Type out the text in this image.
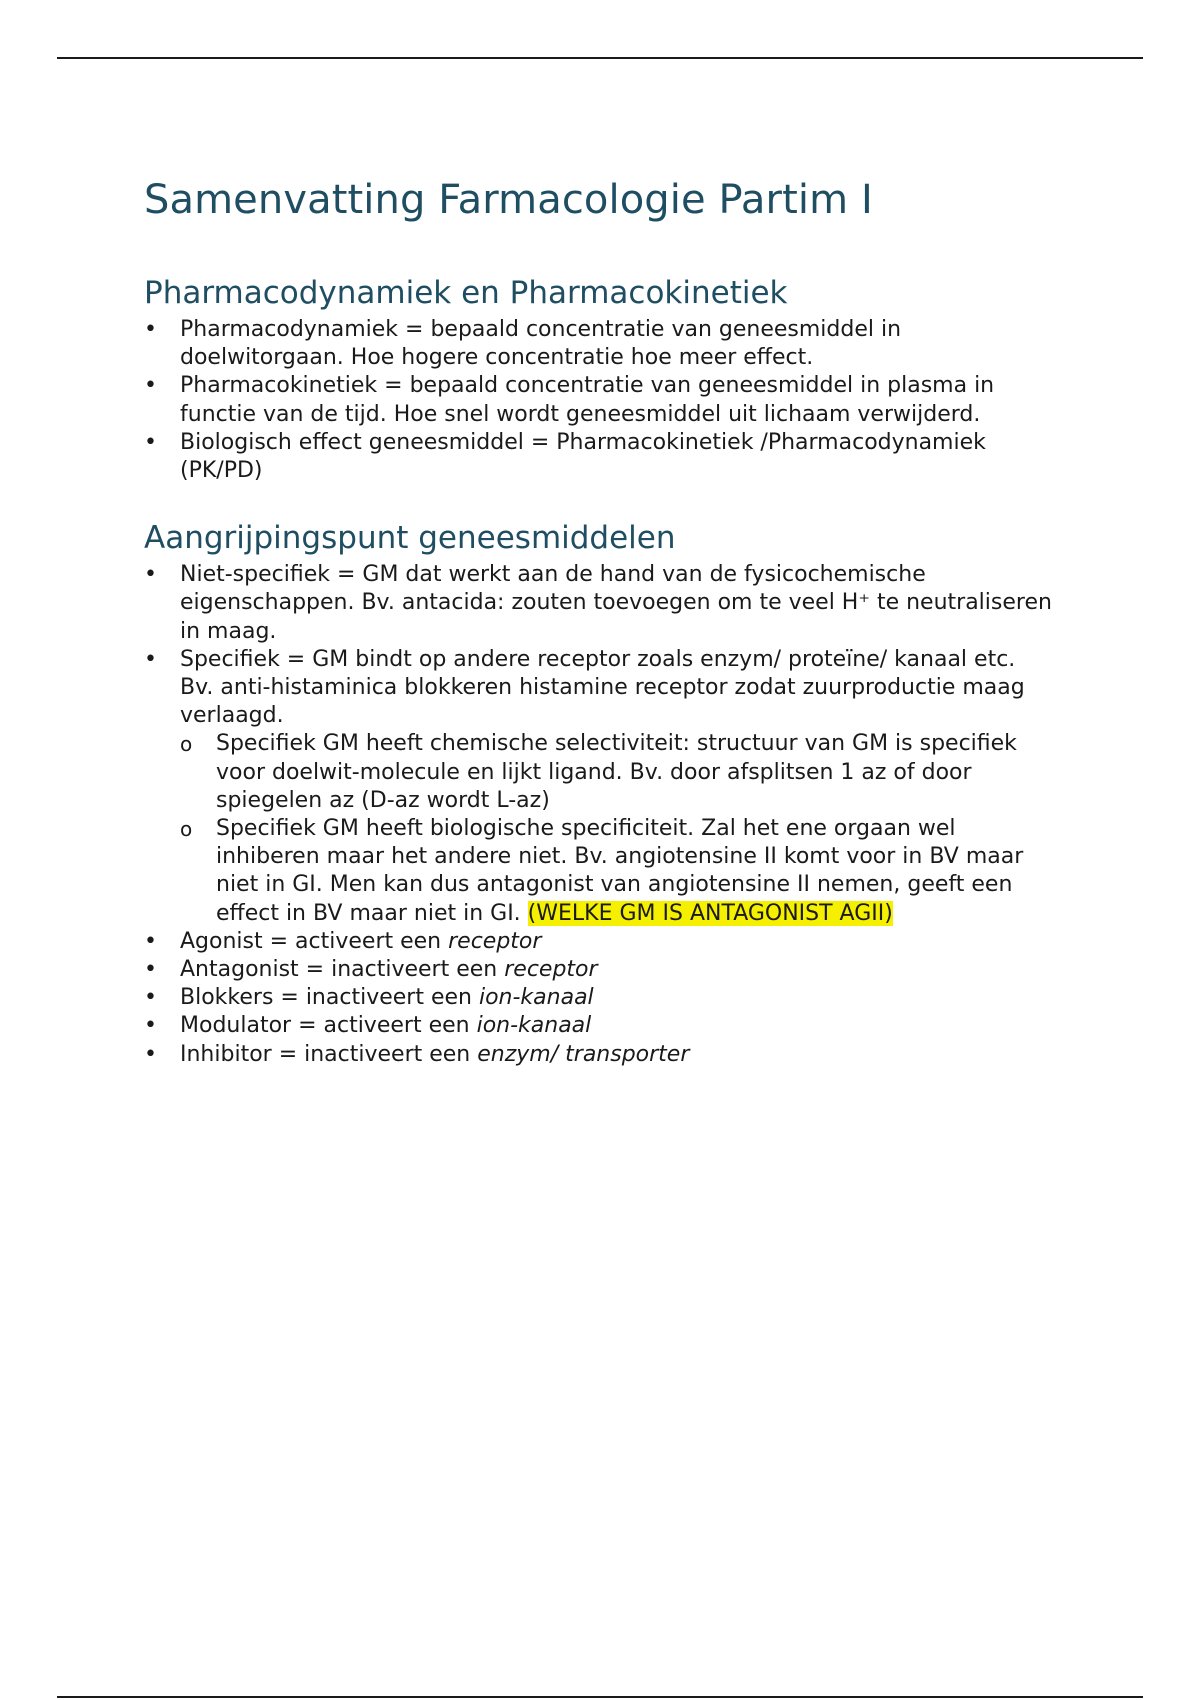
Samenvatting Farmacologie Partim I
Pharmacodynamiek en Pharmacokinetiek
•	Pharmacodynamiek = bepaald concentratie van geneesmiddel in doelwitorgaan. Hoe hogere concentratie hoe meer effect.
•	Pharmacokinetiek = bepaald concentratie van geneesmiddel in plasma in functie van de tijd. Hoe snel wordt geneesmiddel uit lichaam verwijderd.
•	Biologisch effect geneesmiddel = Pharmacokinetiek /Pharmacodynamiek (PK/PD)
Aangrijpingspunt geneesmiddelen
•	Niet-specifiek = GM dat werkt aan de hand van de fysicochemische eigenschappen. Bv. antacida: zouten toevoegen om te veel H⁺ te neutraliseren in maag.
•	Specifiek = GM bindt op andere receptor zoals enzym/ proteïne/ kanaal etc. Bv. anti-histaminica blokkeren histamine receptor zodat zuurproductie maag verlaagd.
o Specifiek GM heeft chemische selectiviteit: structuur van GM is specifiek voor doelwit-molecule en lijkt ligand. Bv. door afsplitsen 1 az of door spiegelen az (D-az wordt L-az)
o Specifiek GM heeft biologische specificiteit. Zal het ene orgaan wel inhiberen maar het andere niet. Bv. angiotensine II komt voor in BV maar niet in GI. Men kan dus antagonist van angiotensine II nemen, geeft een effect in BV maar niet in GI. (WELKE GM IS ANTAGONIST AGII)
•	Agonist = activeert een receptor
•	Antagonist = inactiveert een receptor
•	Blokkers = inactiveert een ion-kanaal
•	Modulator = activeert een ion-kanaal
•	Inhibitor = inactiveert een enzym/ transporter
